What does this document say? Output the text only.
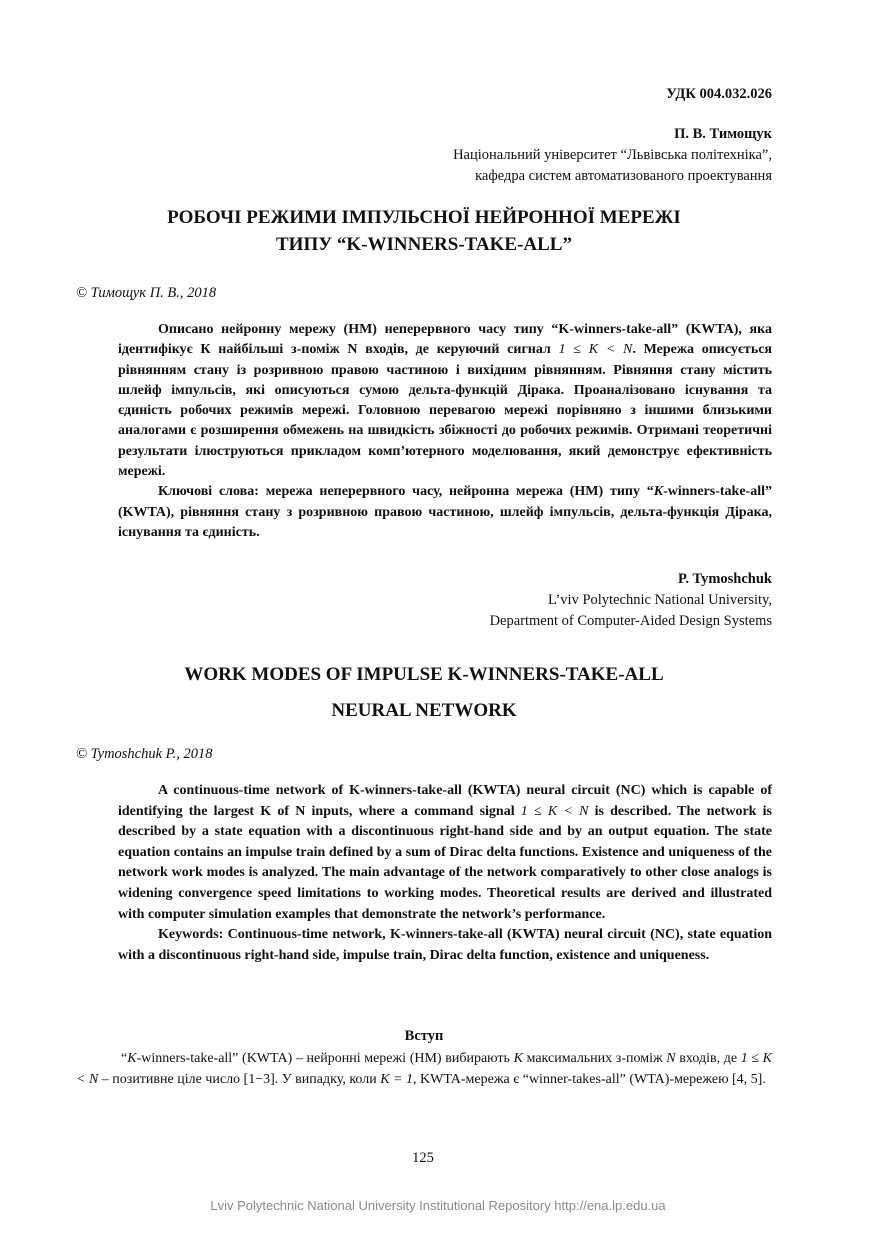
УДК 004.032.026
П. В. Тимощук
Національний університет “Львівська політехніка”,
кафедра систем автоматизованого проектування
РОБОЧІ РЕЖИМИ ІМПУЛЬСНОЇ НЕЙРОННОЇ МЕРЕЖІ
ТИПУ “K-WINNERS-TAKE-ALL”
© Тимощук П. В., 2018

Описано нейронну мережу (НМ) неперервного часу типу “K-winners-take-all” (KWTA), яка ідентифікує К найбільші з-поміж N входів, де керуючий сигнал 1 ≤ K < N. Мережа описується рівнянням стану із розривною правою частиною і вихідним рівнянням. Рівняння стану містить шлейф імпульсів, які описуються сумою дельта-функцій Дірака. Проаналізовано існування та єдиність робочих режимів мережі. Головною перевагою мережі порівняно з іншими близькими аналогами є розширення обмежень на швидкість збіжності до робочих режимів. Отримані теоретичні результати ілюструються прикладом комп’ютерного моделювання, який демонструє ефективність мережі.

Ключові слова: мережа неперервного часу, нейронна мережа (НМ) типу “K-winners-take-all” (KWTA), рівняння стану з розривною правою частиною, шлейф імпульсів, дельта-функція Дірака, існування та єдиність.

P. Tymoshchuk
L’viv Polytechnic National University,
Department of Computer-Aided Design Systems
WORK MODES OF IMPULSE K-WINNERS-TAKE-ALL
NEURAL NETWORK
© Tymoshchuk P., 2018

A continuous-time network of K-winners-take-all (KWTA) neural circuit (NC) which is capable of identifying the largest K of N inputs, where a command signal 1 ≤ K < N is described. The network is described by a state equation with a discontinuous right-hand side and by an output equation. The state equation contains an impulse train defined by a sum of Dirac delta functions. Existence and uniqueness of the network work modes is analyzed. The main advantage of the network comparatively to other close analogs is widening convergence speed limitations to working modes. Theoretical results are derived and illustrated with computer simulation examples that demonstrate the network’s performance.

Keywords: Continuous-time network, K-winners-take-all (KWTA) neural circuit (NC), state equation with a discontinuous right-hand side, impulse train, Dirac delta function, existence and uniqueness.

Вступ

“K-winners-take-all” (KWTA) – нейронні мережі (НМ) вибирають K максимальних з-поміж N входів, де 1 ≤ K < N – позитивне ціле число [1−3]. У випадку, коли K = 1, KWTA-мережа є “winner-takes-all” (WTA)-мережею [4, 5].

125
Lviv Polytechnic National University Institutional Repository http://ena.lp.edu.ua
